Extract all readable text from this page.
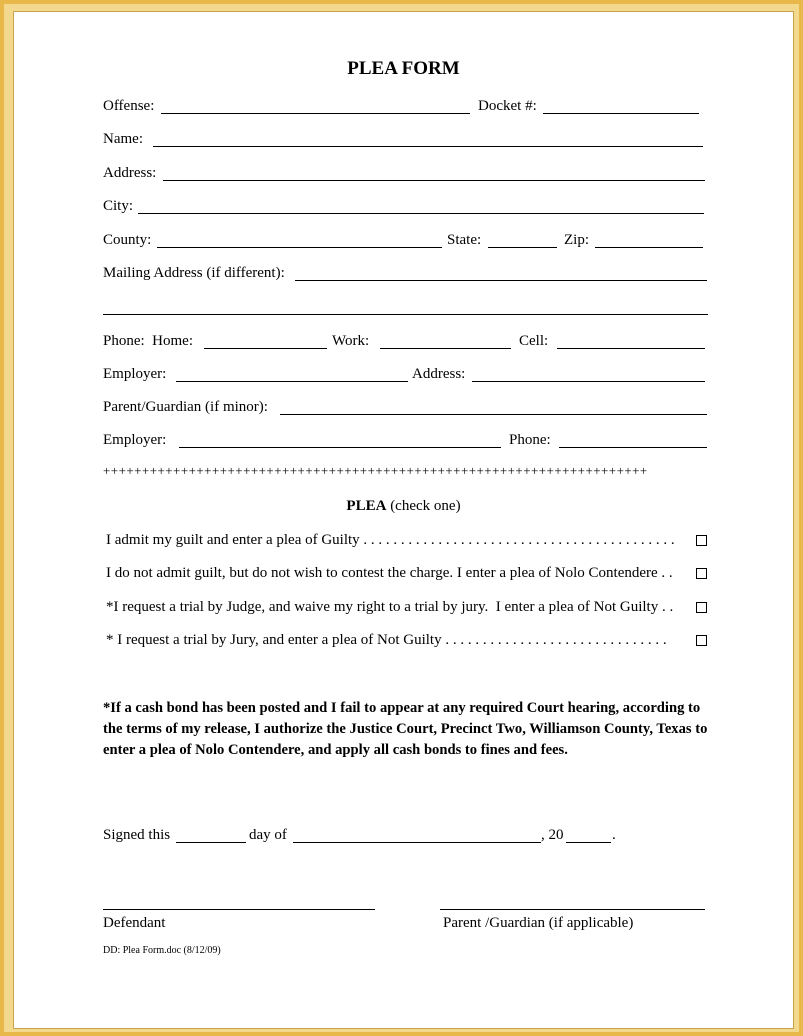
PLEA FORM
Offense:	Docket #:
Name:
Address:
City:
County:	State:	Zip:
Mailing Address (if different):
Phone:  Home:	Work:	Cell:
Employer:	Address:
Parent/Guardian (if minor):
Employer:	Phone:
++++++++++++++++++++++++++++++++++++++++++++++++++++++++++++++++++++++
PLEA (check one)
I admit my guilt and enter a plea of Guilty . . . . . . . . . . . . . . . . . . . . . . . . . . . . . . . . . . . . . . . . . .
I do not admit guilt, but do not wish to contest the charge. I enter a plea of Nolo Contendere . .
*I request a trial by Judge, and waive my right to a trial by jury.  I enter a plea of Not Guilty . .
* I request a trial by Jury, and enter a plea of Not Guilty . . . . . . . . . . . . . . . . . . . . . . . . . . . . . .
*If a cash bond has been posted and I fail to appear at any required Court hearing, according to the terms of my release, I authorize the Justice Court, Precinct Two, Williamson County, Texas to enter a plea of Nolo Contendere, and apply all cash bonds to fines and fees.
Signed this	day of	, 20	.
Defendant	Parent /Guardian (if applicable)
DD: Plea Form.doc (8/12/09)
